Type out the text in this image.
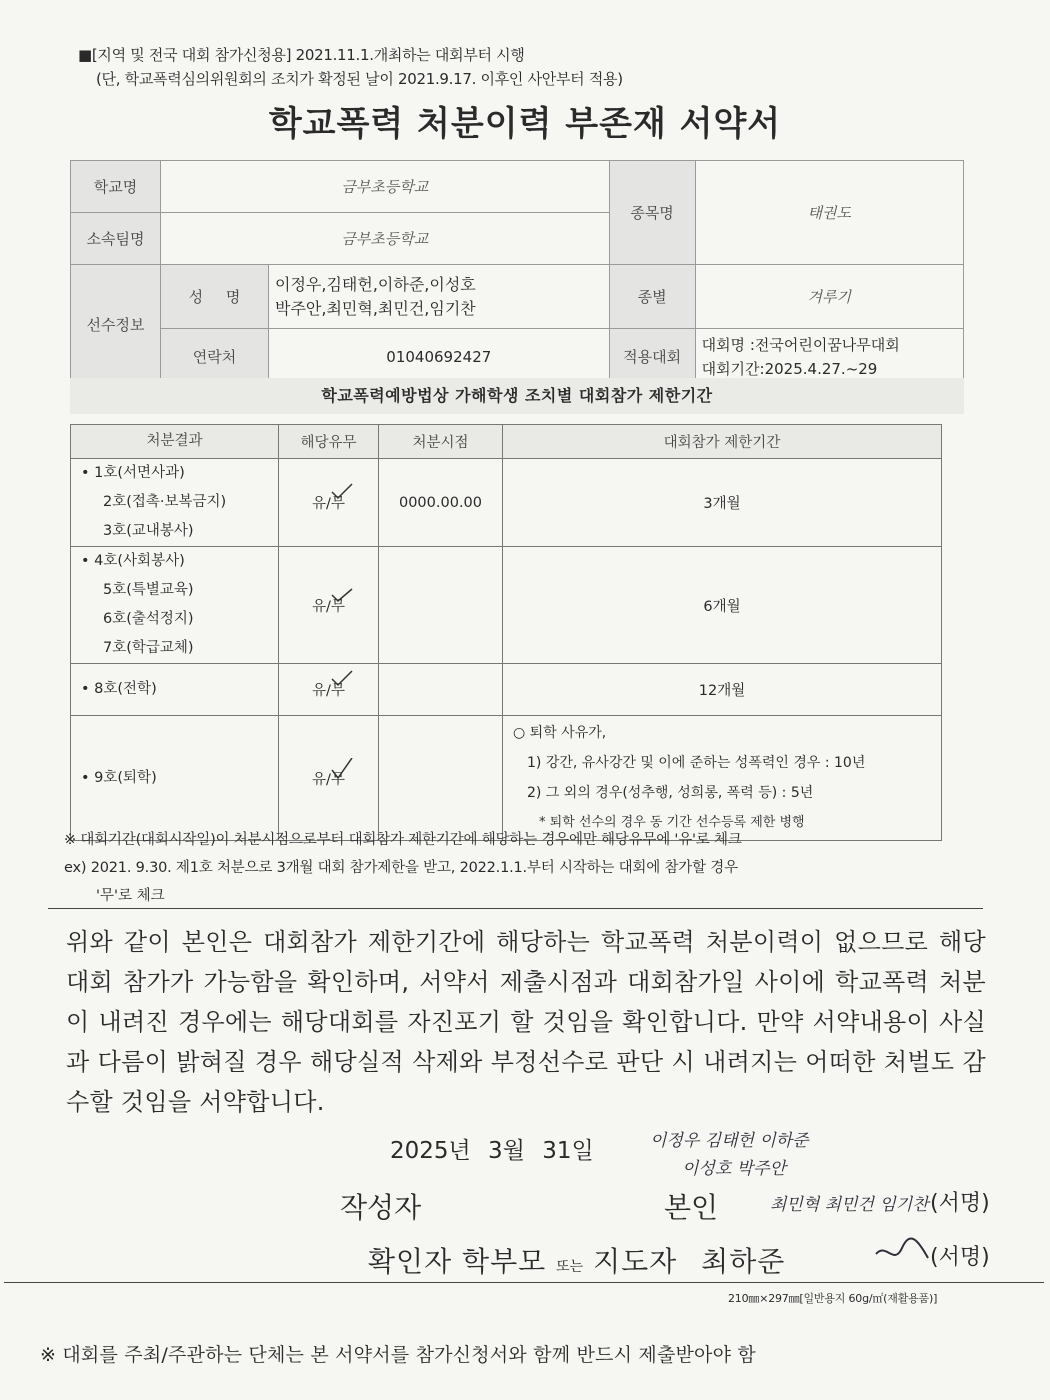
■[지역 및 전국 대회 참가신청용] 2021.11.1.개최하는 대회부터 시행
(단, 학교폭력심의위원회의 조치가 확정된 날이 2021.9.17. 이후인 사안부터 적용)
학교폭력 처분이력 부존재 서약서
학교명	금부초등학교		종목명	태권도
소속팀명	금부초등학교			
선수정보	성 명	이정우,김태헌,이하준,이성호
박주안,최민혁,최민건,임기찬	종별	겨루기
	연락처	01040692427	적용대회	대회명 :전국어린이꿈나무대회
대회기간:2025.4.27.~29
학교폭력예방법상 가해학생 조치별 대회참가 제한기간
처분결과	해당유무	처분시점	대회참가 제한기간

• 1호(서면사과)
2호(접촉·보복금지)
3호(교내봉사)	유/무	0000.00.00	3개월

• 4호(사회봉사)
5호(특별교육)
6호(출석정지)
7호(학급교체)	유/무		6개월

• 8호(전학)	유/무		12개월

• 9호(퇴학)	유/무		○ 퇴학 사유가,
1) 강간, 유사강간 및 이에 준하는 성폭력인 경우 : 10년
2) 그 외의 경우(성추행, 성희롱, 폭력 등) : 5년
* 퇴학 선수의 경우 동 기간 선수등록 제한 병행
※ 대회기간(대회시작일)이 처분시점으로부터 대회참가 제한기간에 해당하는 경우에만 해당유무에 '유'로 체크
ex) 2021. 9.30. 제1호 처분으로 3개월 대회 참가제한을 받고, 2022.1.1.부터 시작하는 대회에 참가할 경우
'무'로 체크
위와 같이 본인은 대회참가 제한기간에 해당하는 학교폭력 처분이력이 없으므로 해당 대회 참가가 가능함을 확인하며, 서약서 제출시점과 대회참가일 사이에 학교폭력 처분이 내려진 경우에는 해당대회를 자진포기 할 것임을 확인합니다. 만약 서약내용이 사실과 다름이 밝혀질 경우 해당실적 삭제와 부정선수로 판단 시 내려지는 어떠한 처벌도 감수할 것임을 서약합니다.
2025년 3월 31일	이정우 김태헌 이하준
이성호 박주안
작성자	본인	최민혁 최민건 임기찬 (서명)
확인자 학부모 또는 지도자 최하준	(서명)
210㎜×297㎜[일반용지 60g/㎡(재활용품)]
※ 대회를 주최/주관하는 단체는 본 서약서를 참가신청서와 함께 반드시 제출받아야 함
